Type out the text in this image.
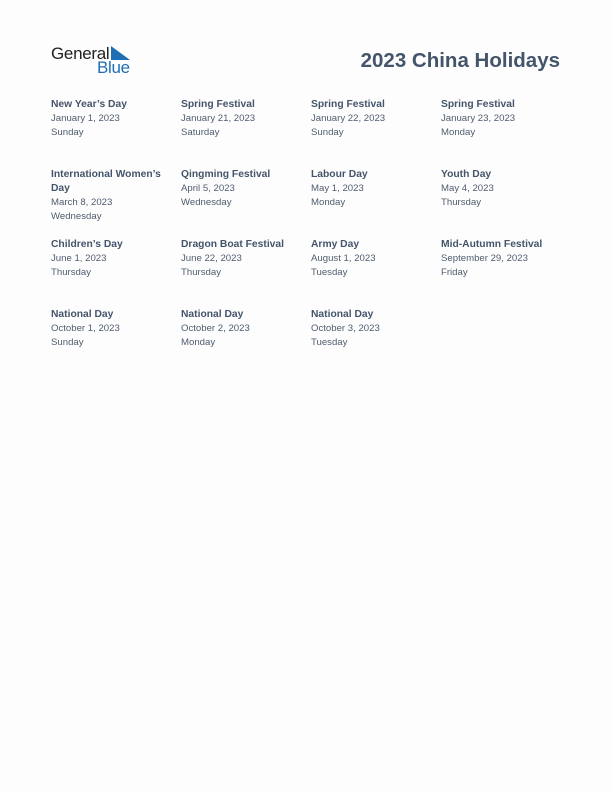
General
Blue	2023 China Holidays
New Year’s Day
January 1, 2023
Sunday
Spring Festival
January 21, 2023
Saturday
Spring Festival
January 22, 2023
Sunday
Spring Festival
January 23, 2023
Monday
International Women’s Day
March 8, 2023
Wednesday
Qingming Festival
April 5, 2023
Wednesday
Labour Day
May 1, 2023
Monday
Youth Day
May 4, 2023
Thursday
Children’s Day
June 1, 2023
Thursday
Dragon Boat Festival
June 22, 2023
Thursday
Army Day
August 1, 2023
Tuesday
Mid-Autumn Festival
September 29, 2023
Friday
National Day
October 1, 2023
Sunday
National Day
October 2, 2023
Monday
National Day
October 3, 2023
Tuesday
